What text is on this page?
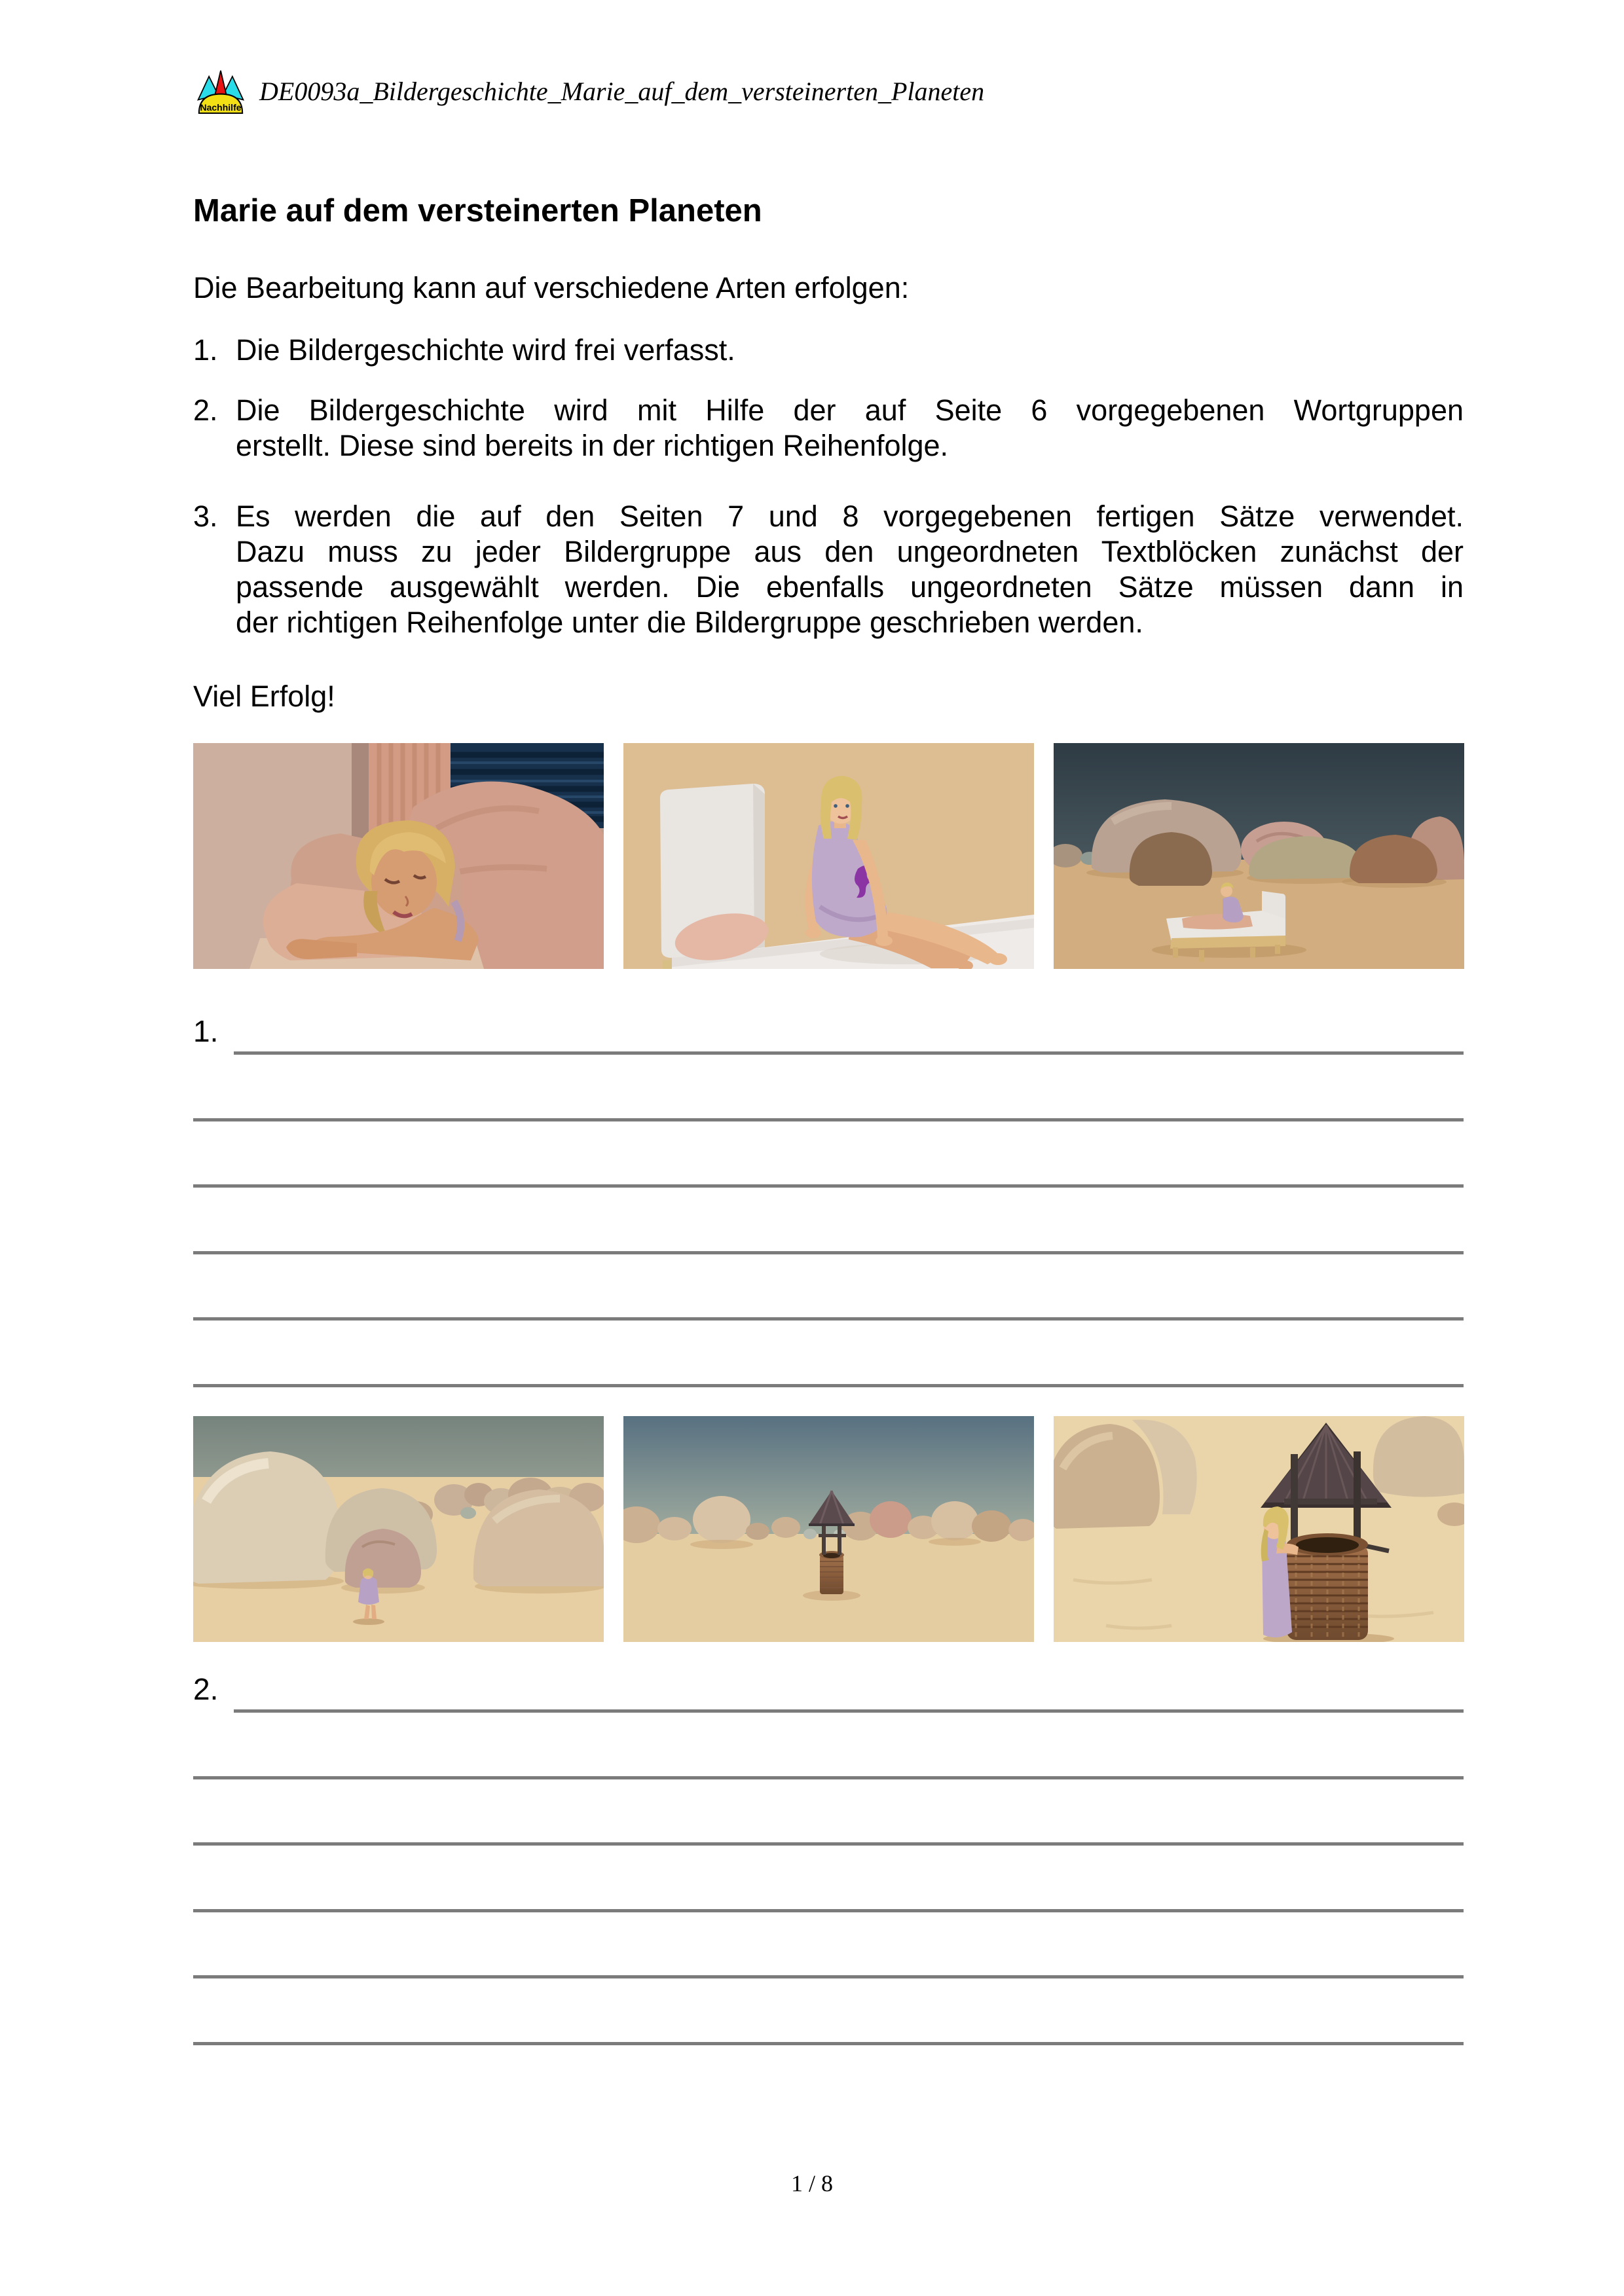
Nachhilfe
DE0093a_Bildergeschichte_Marie_auf_dem_versteinerten_Planeten
Marie auf dem versteinerten Planeten
Die Bearbeitung kann auf verschiedene Arten erfolgen:
1. Die Bildergeschichte wird frei verfasst.
2. Die Bildergeschichte wird mit Hilfe der auf Seite 6 vorgegebenen Wortgruppen
erstellt. Diese sind bereits in der richtigen Reihenfolge.
3. Es werden die auf den Seiten 7 und 8 vorgegebenen fertigen Sätze verwendet.
Dazu muss zu jeder Bildergruppe aus den ungeordneten Textblöcken zunächst der
passende ausgewählt werden. Die ebenfalls ungeordneten Sätze müssen dann in
der richtigen Reihenfolge unter die Bildergruppe geschrieben werden.
Viel Erfolg!
1.
2.
1 / 8
